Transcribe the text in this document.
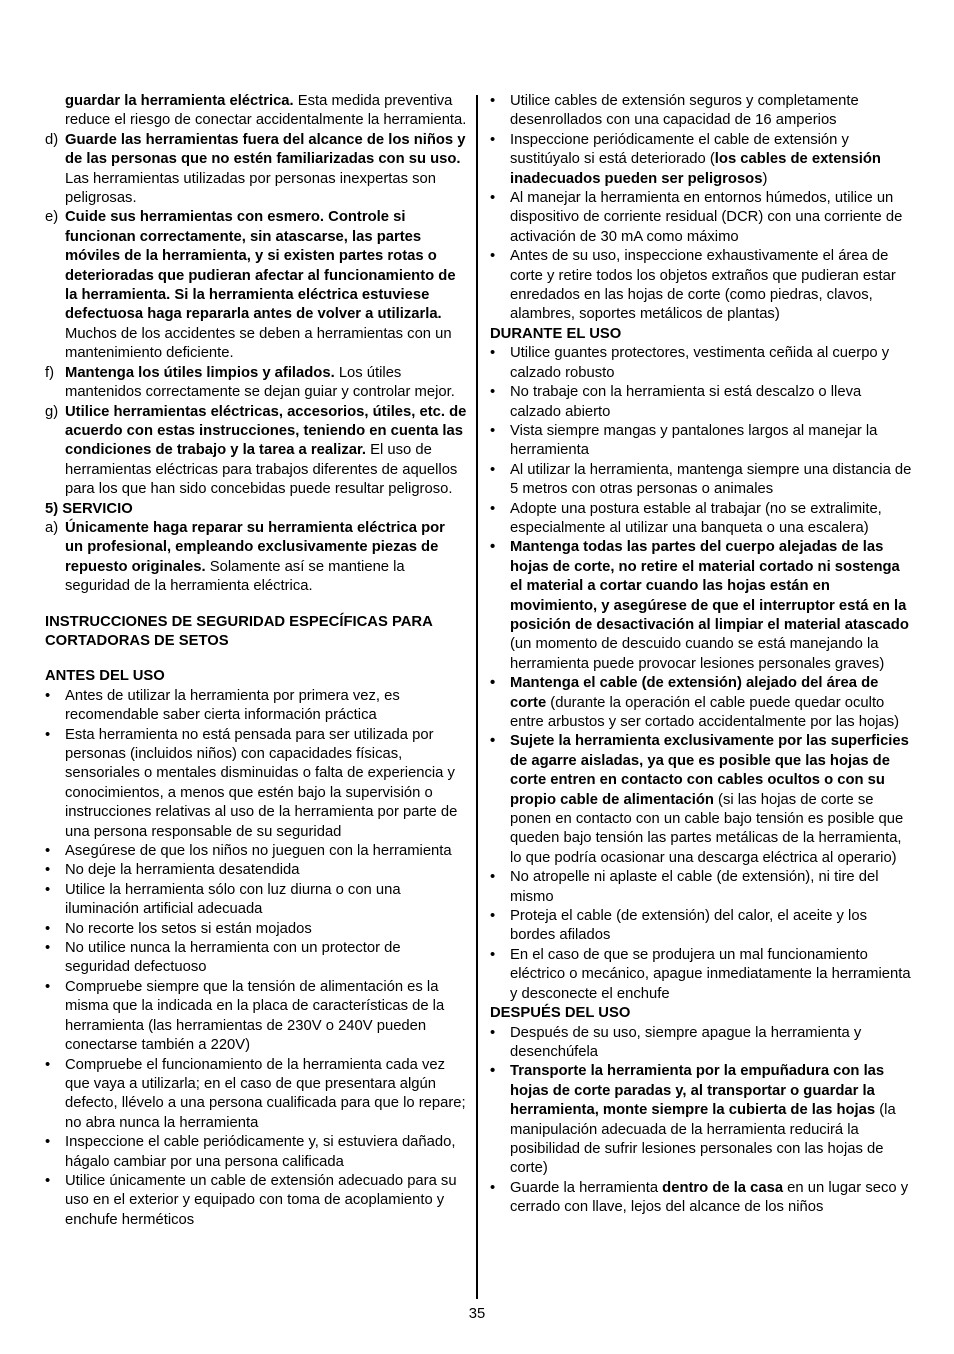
guardar la herramienta eléctrica. Esta medida preventiva reduce el riesgo de conectar accidentalmente la herramienta.
d) Guarde las herramientas fuera del alcance de los niños y de las personas que no estén familiarizadas con su uso. Las herramientas utilizadas por personas inexpertas son peligrosas.
e) Cuide sus herramientas con esmero. Controle si funcionan correctamente, sin atascarse, las partes móviles de la herramienta, y si existen partes rotas o deterioradas que pudieran afectar al funcionamiento de la herramienta. Si la herramienta eléctrica estuviese defectuosa haga repararla antes de volver a utilizarla. Muchos de los accidentes se deben a herramientas con un mantenimiento deficiente.
f) Mantenga los útiles limpios y afilados. Los útiles mantenidos correctamente se dejan guiar y controlar mejor.
g) Utilice herramientas eléctricas, accesorios, útiles, etc. de acuerdo con estas instrucciones, teniendo en cuenta las condiciones de trabajo y la tarea a realizar. El uso de herramientas eléctricas para trabajos diferentes de aquellos para los que han sido concebidas puede resultar peligroso.
5) SERVICIO
a) Únicamente haga reparar su herramienta eléctrica por un profesional, empleando exclusivamente piezas de repuesto originales. Solamente así se mantiene la seguridad de la herramienta eléctrica.
INSTRUCCIONES DE SEGURIDAD ESPECÍFICAS PARA CORTADORAS DE SETOS
ANTES DEL USO
• Antes de utilizar la herramienta por primera vez, es recomendable saber cierta información práctica
• Esta herramienta no está pensada para ser utilizada por personas (incluidos niños) con capacidades físicas, sensoriales o mentales disminuidas o falta de experiencia y conocimientos, a menos que estén bajo la supervisión o instrucciones relativas al uso de la herramienta por parte de una persona responsable de su seguridad
• Asegúrese de que los niños no jueguen con la herramienta
• No deje la herramienta desatendida
• Utilice la herramienta sólo con luz diurna o con una iluminación artificial adecuada
• No recorte los setos si están mojados
• No utilice nunca la herramienta con un protector de seguridad defectuoso
• Compruebe siempre que la tensión de alimentación es la misma que la indicada en la placa de características de la herramienta (las herramientas de 230V o 240V pueden conectarse también a 220V)
• Compruebe el funcionamiento de la herramienta cada vez que vaya a utilizarla; en el caso de que presentara algún defecto, llévelo a una persona cualificada para que lo repare; no abra nunca la herramienta
• Inspeccione el cable periódicamente y, si estuviera dañado, hágalo cambiar por una persona calificada
• Utilice únicamente un cable de extensión adecuado para su uso en el exterior y equipado con toma de acoplamiento y enchufe herméticos
• Utilice cables de extensión seguros y completamente desenrollados con una capacidad de 16 amperios
• Inspeccione periódicamente el cable de extensión y sustitúyalo si está deteriorado (los cables de extensión inadecuados pueden ser peligrosos)
• Al manejar la herramienta en entornos húmedos, utilice un dispositivo de corriente residual (DCR) con una corriente de activación de 30 mA como máximo
• Antes de su uso, inspeccione exhaustivamente el área de corte y retire todos los objetos extraños que pudieran estar enredados en las hojas de corte (como piedras, clavos, alambres, soportes metálicos de plantas)
DURANTE EL USO
• Utilice guantes protectores, vestimenta ceñida al cuerpo y calzado robusto
• No trabaje con la herramienta si está descalzo o lleva calzado abierto
• Vista siempre mangas y pantalones largos al manejar la herramienta
• Al utilizar la herramienta, mantenga siempre una distancia de 5 metros con otras personas o animales
• Adopte una postura estable al trabajar (no se extralimite, especialmente al utilizar una banqueta o una escalera)
• Mantenga todas las partes del cuerpo alejadas de las hojas de corte, no retire el material cortado ni sostenga el material a cortar cuando las hojas están en movimiento, y asegúrese de que el interruptor está en la posición de desactivación al limpiar el material atascado (un momento de descuido cuando se está manejando la herramienta puede provocar lesiones personales graves)
• Mantenga el cable (de extensión) alejado del área de corte (durante la operación el cable puede quedar oculto entre arbustos y ser cortado accidentalmente por las hojas)
• Sujete la herramienta exclusivamente por las superficies de agarre aisladas, ya que es posible que las hojas de corte entren en contacto con cables ocultos o con su propio cable de alimentación (si las hojas de corte se ponen en contacto con un cable bajo tensión es posible que queden bajo tensión las partes metálicas de la herramienta, lo que podría ocasionar una descarga eléctrica al operario)
• No atropelle ni aplaste el cable (de extensión), ni tire del mismo
• Proteja el cable (de extensión) del calor, el aceite y los bordes afilados
• En el caso de que se produjera un mal funcionamiento eléctrico o mecánico, apague inmediatamente la herramienta y desconecte el enchufe
DESPUÉS DEL USO
• Después de su uso, siempre apague la herramienta y desenchúfela
• Transporte la herramienta por la empuñadura con las hojas de corte paradas y, al transportar o guardar la herramienta, monte siempre la cubierta de las hojas (la manipulación adecuada de la herramienta reducirá la posibilidad de sufrir lesiones personales con las hojas de corte)
• Guarde la herramienta dentro de la casa en un lugar seco y cerrado con llave, lejos del alcance de los niños
35
